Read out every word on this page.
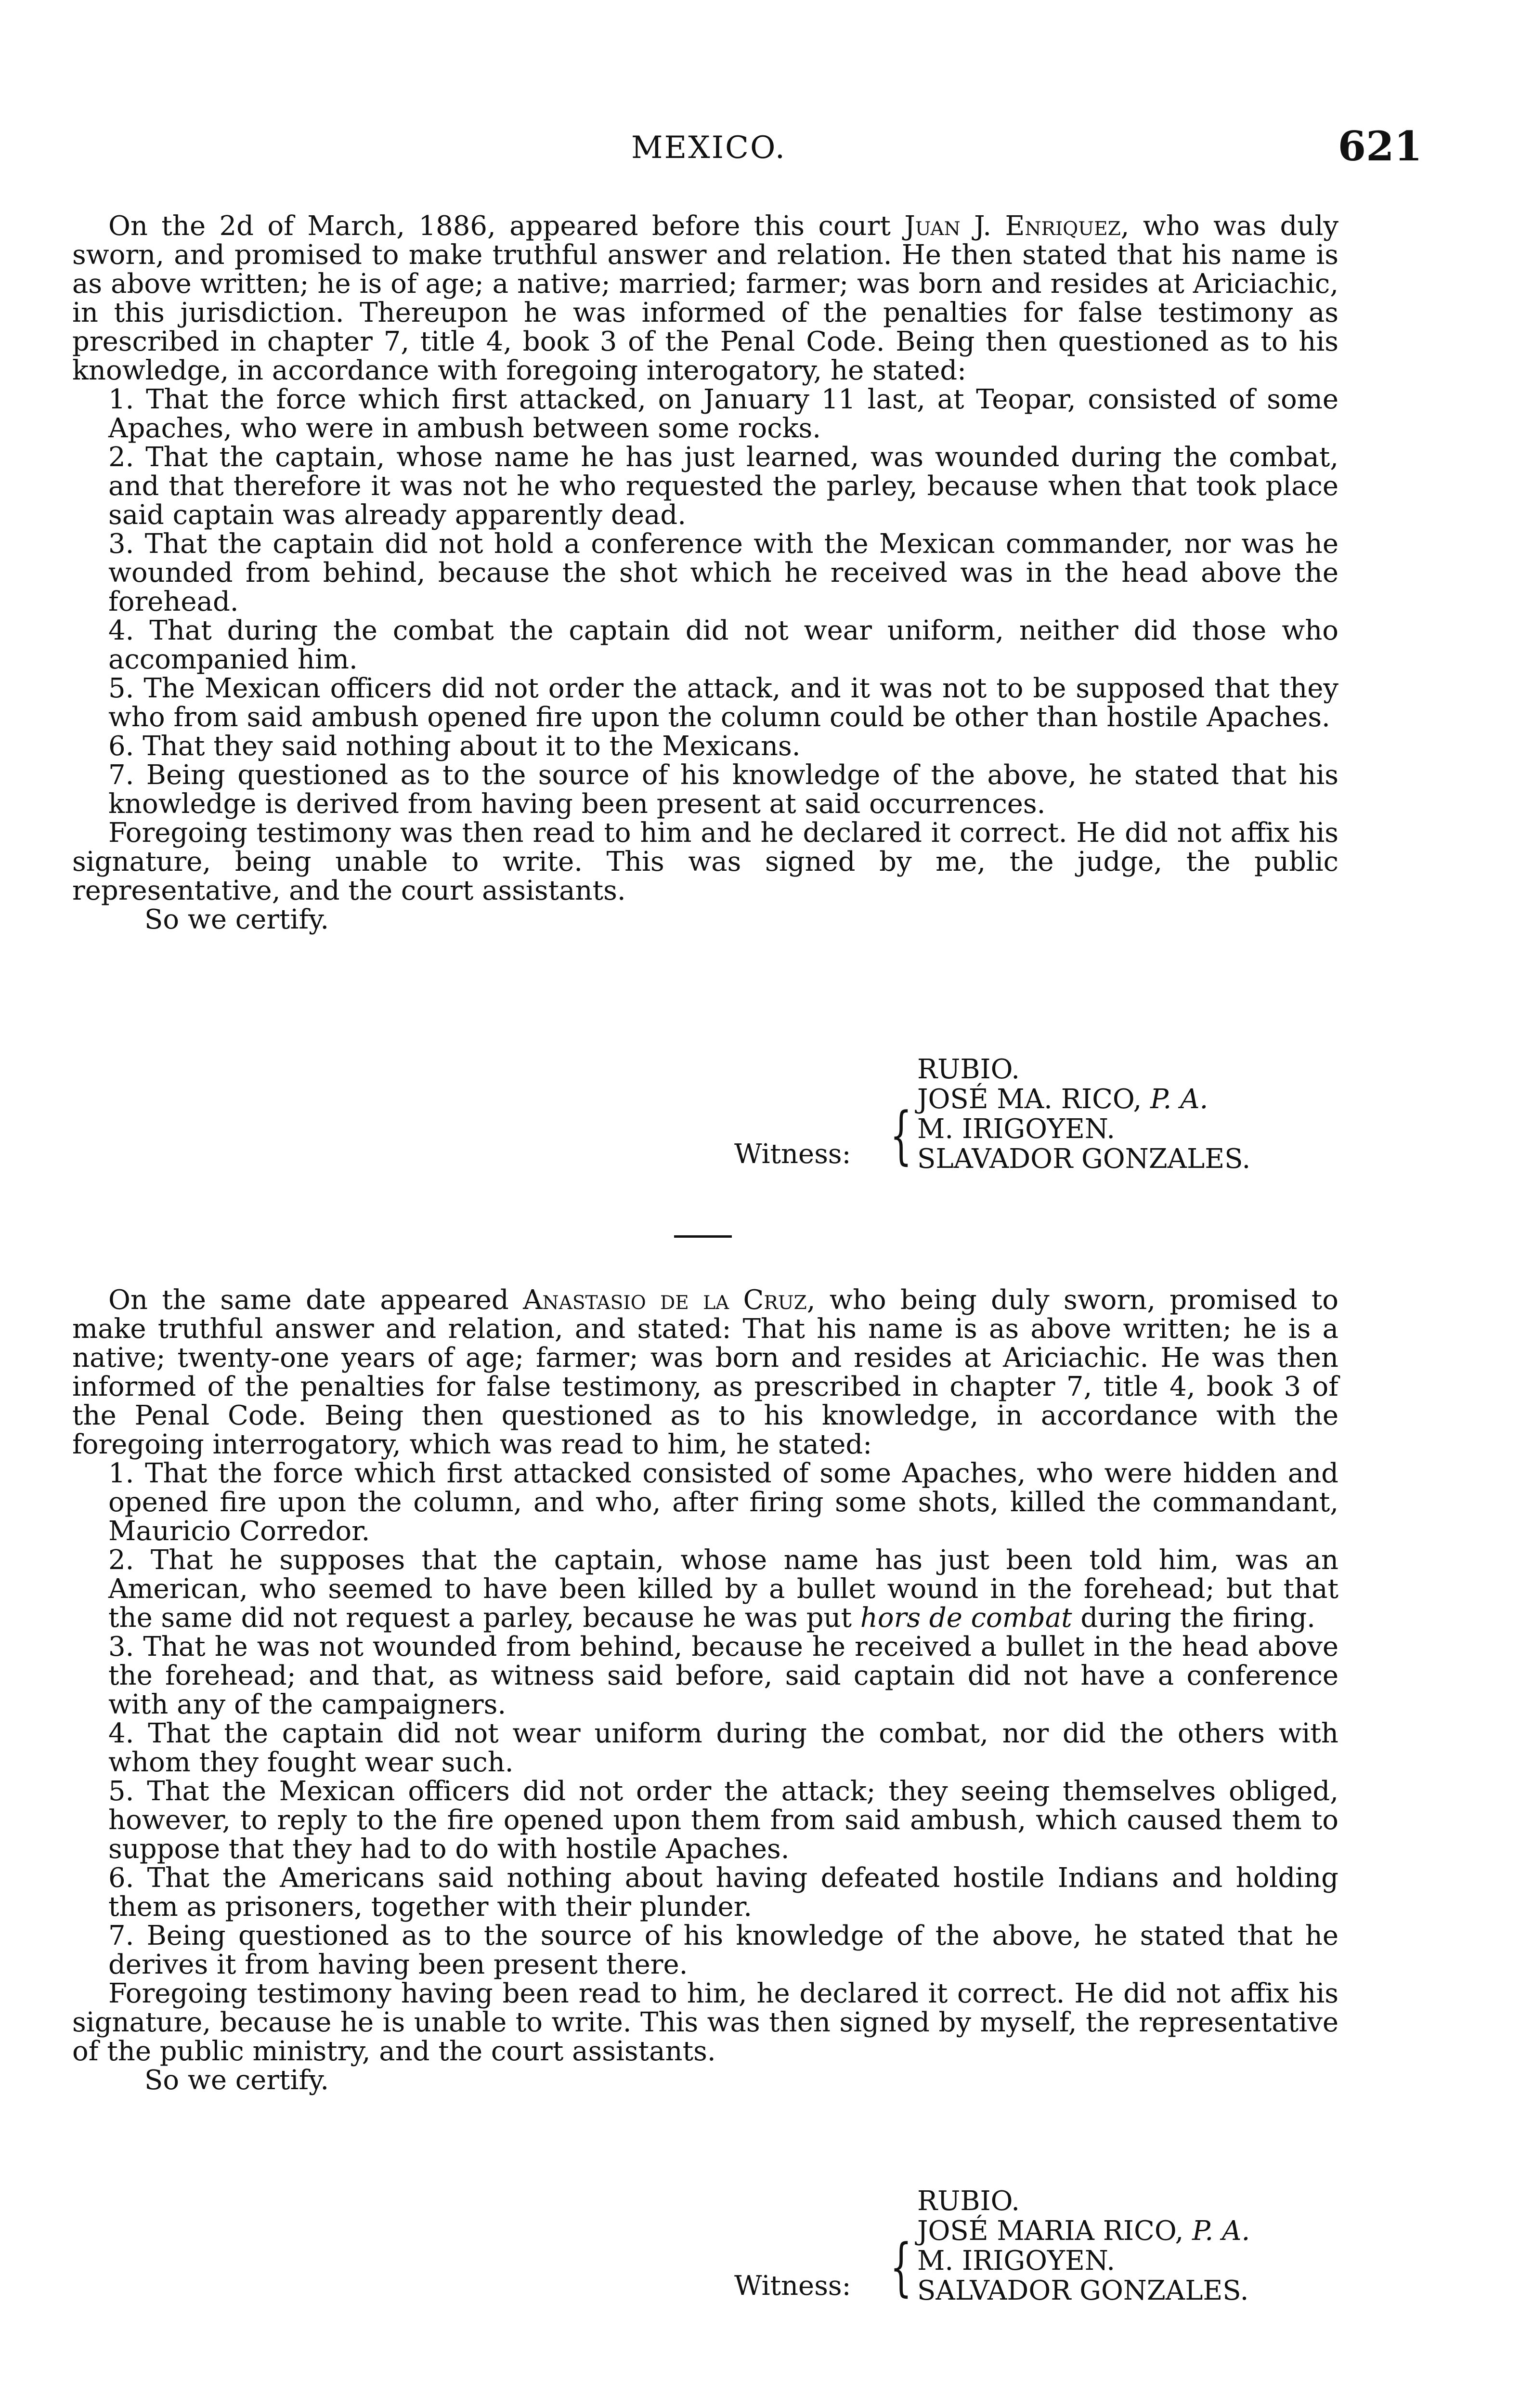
MEXICO.	621

On the 2d of March, 1886, appeared before this court Juan J. Enriquez, who was duly sworn, and promised to make truthful answer and relation. He then stated that his name is as above written; he is of age; a native; married; farmer; was born and resides at Ariciachic, in this jurisdiction. Thereupon he was informed of the penalties for false testimony as prescribed in chapter 7, title 4, book 3 of the Penal Code. Being then questioned as to his knowledge, in accordance with foregoing interogatory, he stated:

1. That the force which first attacked, on January 11 last, at Teopar, consisted of some Apaches, who were in ambush between some rocks.

2. That the captain, whose name he has just learned, was wounded during the combat, and that therefore it was not he who requested the parley, because when that took place said captain was already apparently dead.

3. That the captain did not hold a conference with the Mexican commander, nor was he wounded from behind, because the shot which he received was in the head above the forehead.

4. That during the combat the captain did not wear uniform, neither did those who accompanied him.

5. The Mexican officers did not order the attack, and it was not to be supposed that they who from said ambush opened fire upon the column could be other than hostile Apaches.

6. That they said nothing about it to the Mexicans.

7. Being questioned as to the source of his knowledge of the above, he stated that his knowledge is derived from having been present at said occurrences.

Foregoing testimony was then read to him and he declared it correct. He did not affix his signature, being unable to write. This was signed by me, the judge, the public representative, and the court assistants.

So we certify.

RUBIO.
JOSÉ MA. RICO, P. A.
M. IRIGOYEN.
SLAVADOR GONZALES.
Witness: {

On the same date appeared Anastasio de la Cruz, who being duly sworn, promised to make truthful answer and relation, and stated: That his name is as above written; he is a native; twenty-one years of age; farmer; was born and resides at Ariciachic. He was then informed of the penalties for false testimony, as prescribed in chapter 7, title 4, book 3 of the Penal Code. Being then questioned as to his knowledge, in accordance with the foregoing interrogatory, which was read to him, he stated:

1. That the force which first attacked consisted of some Apaches, who were hidden and opened fire upon the column, and who, after firing some shots, killed the commandant, Mauricio Corredor.

2. That he supposes that the captain, whose name has just been told him, was an American, who seemed to have been killed by a bullet wound in the forehead; but that the same did not request a parley, because he was put hors de combat during the firing.

3. That he was not wounded from behind, because he received a bullet in the head above the forehead; and that, as witness said before, said captain did not have a conference with any of the campaigners.

4. That the captain did not wear uniform during the combat, nor did the others with whom they fought wear such.

5. That the Mexican officers did not order the attack; they seeing themselves obliged, however, to reply to the fire opened upon them from said ambush, which caused them to suppose that they had to do with hostile Apaches.

6. That the Americans said nothing about having defeated hostile Indians and holding them as prisoners, together with their plunder.

7. Being questioned as to the source of his knowledge of the above, he stated that he derives it from having been present there.

Foregoing testimony having been read to him, he declared it correct. He did not affix his signature, because he is unable to write. This was then signed by myself, the representative of the public ministry, and the court assistants.

So we certify.

RUBIO.
JOSÉ MARIA RICO, P. A.
M. IRIGOYEN.
SALVADOR GONZALES.
Witness: {
